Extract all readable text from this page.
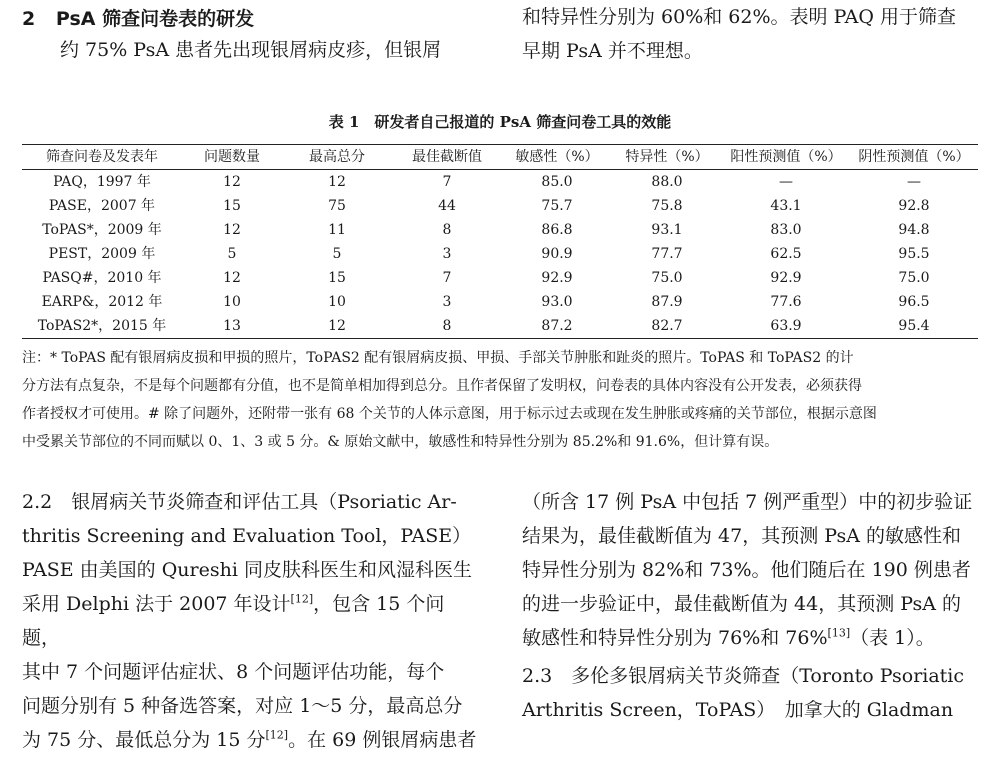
2 PsA 筛查问卷表的研发
约 75% PsA 患者先出现银屑病皮疹，但银屑
和特异性分别为 60%和 62%。表明 PAQ 用于筛查
早期 PsA 并不理想。
表 1　研发者自己报道的 PsA 筛查问卷工具的效能
筛查问卷及发表年	问题数量	最高总分	最佳截断值	敏感性（%）	特异性（%）	阳性预测值（%）	阴性预测值（%）
PAQ，1997 年	12	12	7	85.0	88.0	—	—
PASE，2007 年	15	75	44	75.7	75.8	43.1	92.8
ToPAS*，2009 年	12	11	8	86.8	93.1	83.0	94.8
PEST，2009 年	5	5	3	90.9	77.7	62.5	95.5
PASQ#，2010 年	12	15	7	92.9	75.0	92.9	75.0
EARP&，2012 年	10	10	3	93.0	87.9	77.6	96.5
ToPAS2*，2015 年	13	12	8	87.2	82.7	63.9	95.4
注：* ToPAS 配有银屑病皮损和甲损的照片，ToPAS2 配有银屑病皮损、甲损、手部关节肿胀和趾炎的照片。ToPAS 和 ToPAS2 的计
分方法有点复杂，不是每个问题都有分值，也不是简单相加得到总分。且作者保留了发明权，问卷表的具体内容没有公开发表，必须获得
作者授权才可使用。# 除了问题外，还附带一张有 68 个关节的人体示意图，用于标示过去或现在发生肿胀或疼痛的关节部位，根据示意图
中受累关节部位的不同而赋以 0、1、3 或 5 分。& 原始文献中，敏感性和特异性分别为 85.2%和 91.6%，但计算有误。
2.2　银屑病关节炎筛查和评估工具（Psoriatic Ar-
thritis Screening and Evaluation Tool，PASE）
PASE 由美国的 Qureshi 同皮肤科医生和风湿科医生
采用 Delphi 法于 2007 年设计[12]，包含 15 个问题，
其中 7 个问题评估症状、8 个问题评估功能，每个
问题分别有 5 种备选答案，对应 1～5 分，最高总分
为 75 分、最低总分为 15 分[12]。在 69 例银屑病患者
（所含 17 例 PsA 中包括 7 例严重型）中的初步验证
结果为，最佳截断值为 47，其预测 PsA 的敏感性和
特异性分别为 82%和 73%。他们随后在 190 例患者
的进一步验证中，最佳截断值为 44，其预测 PsA 的
敏感性和特异性分别为 76%和 76%[13]（表 1）。
2.3　多伦多银屑病关节炎筛查（Toronto Psoriatic
Arthritis Screen，ToPAS）　加拿大的 Gladman
